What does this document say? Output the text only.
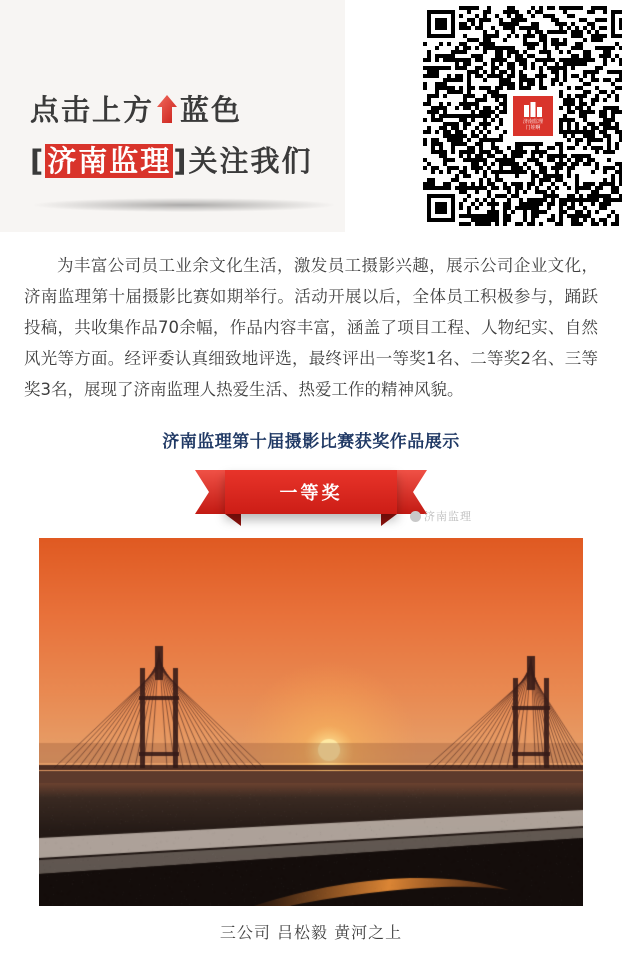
点击上方 蓝色
[济南监理]关注我们
济南监理
门娃啊

为丰富公司员工业余文化生活，激发员工摄影兴趣，展示公司企业文化，济南监理第十届摄影比赛如期举行。活动开展以后，全体员工积极参与，踊跃投稿，共收集作品70余幅，作品内容丰富，涵盖了项目工程、人物纪实、自然风光等方面。经评委认真细致地评选，最终评出一等奖1名、二等奖2名、三等奖3名，展现了济南监理人热爱生活、热爱工作的精神风貌。

济南监理第十届摄影比赛获奖作品展示
一等奖
济南监理
三公司 吕松毅 黄河之上
